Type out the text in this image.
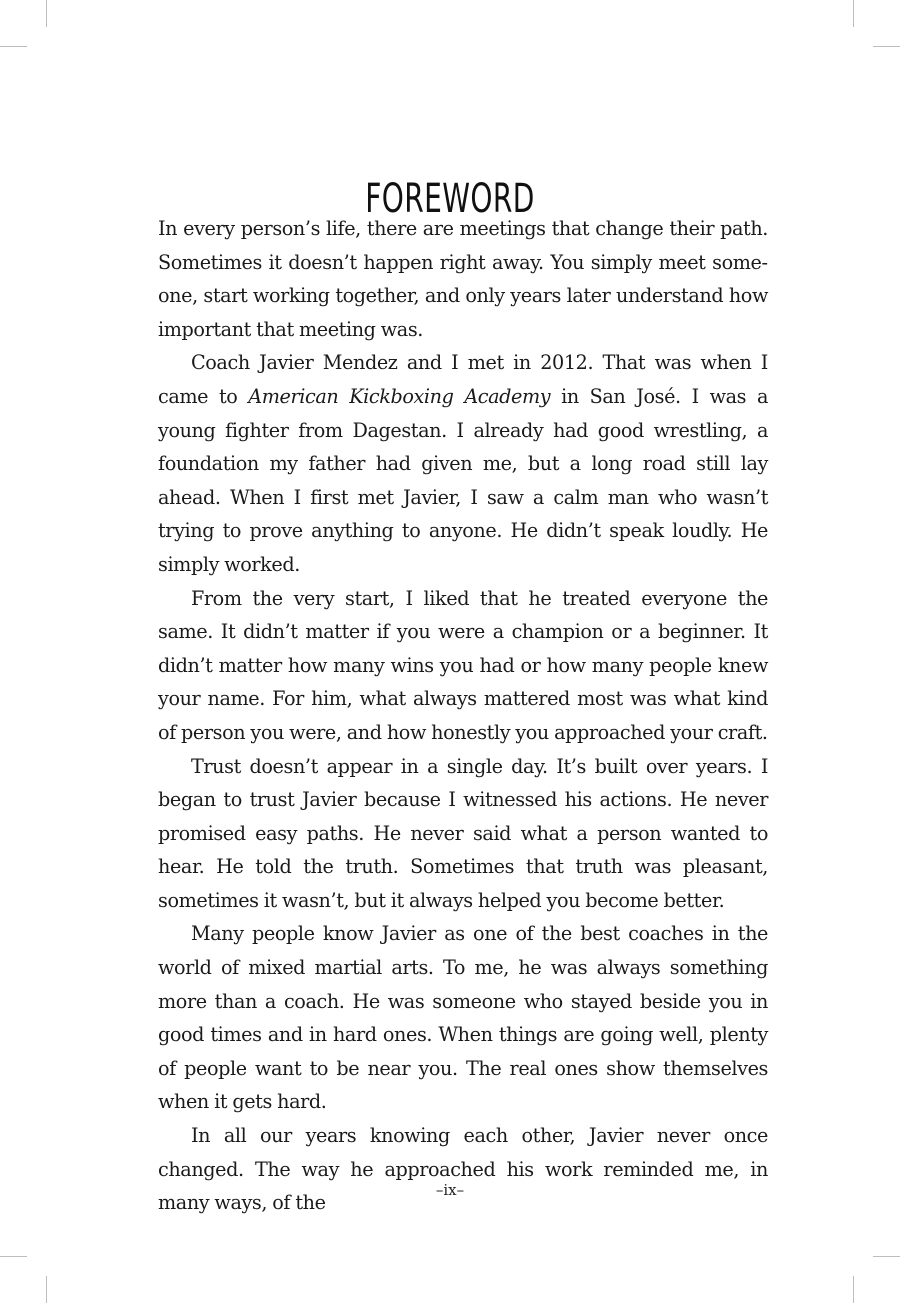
FOREWORD

In every person’s life, there are meetings that change their path. Sometimes it doesn’t happen right away. You simply meet someone, start working together, and only years later understand how important that meeting was.

Coach Javier Mendez and I met in 2012. That was when I came to American Kickboxing Academy in San José. I was a young fighter from Dagestan. I already had good wrestling, a foundation my father had given me, but a long road still lay ahead. When I first met Javier, I saw a calm man who wasn’t trying to prove anything to anyone. He didn’t speak loudly. He simply worked.

From the very start, I liked that he treated everyone the same. It didn’t matter if you were a champion or a beginner. It didn’t matter how many wins you had or how many people knew your name. For him, what always mattered most was what kind of person you were, and how honestly you approached your craft.

Trust doesn’t appear in a single day. It’s built over years. I began to trust Javier because I witnessed his actions. He never promised easy paths. He never said what a person wanted to hear. He told the truth. Sometimes that truth was pleasant, sometimes it wasn’t, but it always helped you become better.

Many people know Javier as one of the best coaches in the world of mixed martial arts. To me, he was always something more than a coach. He was someone who stayed beside you in good times and in hard ones. When things are going well, plenty of people want to be near you. The real ones show themselves when it gets hard.

In all our years knowing each other, Javier never once changed. The way he approached his work reminded me, in many ways, of the

–ix–
